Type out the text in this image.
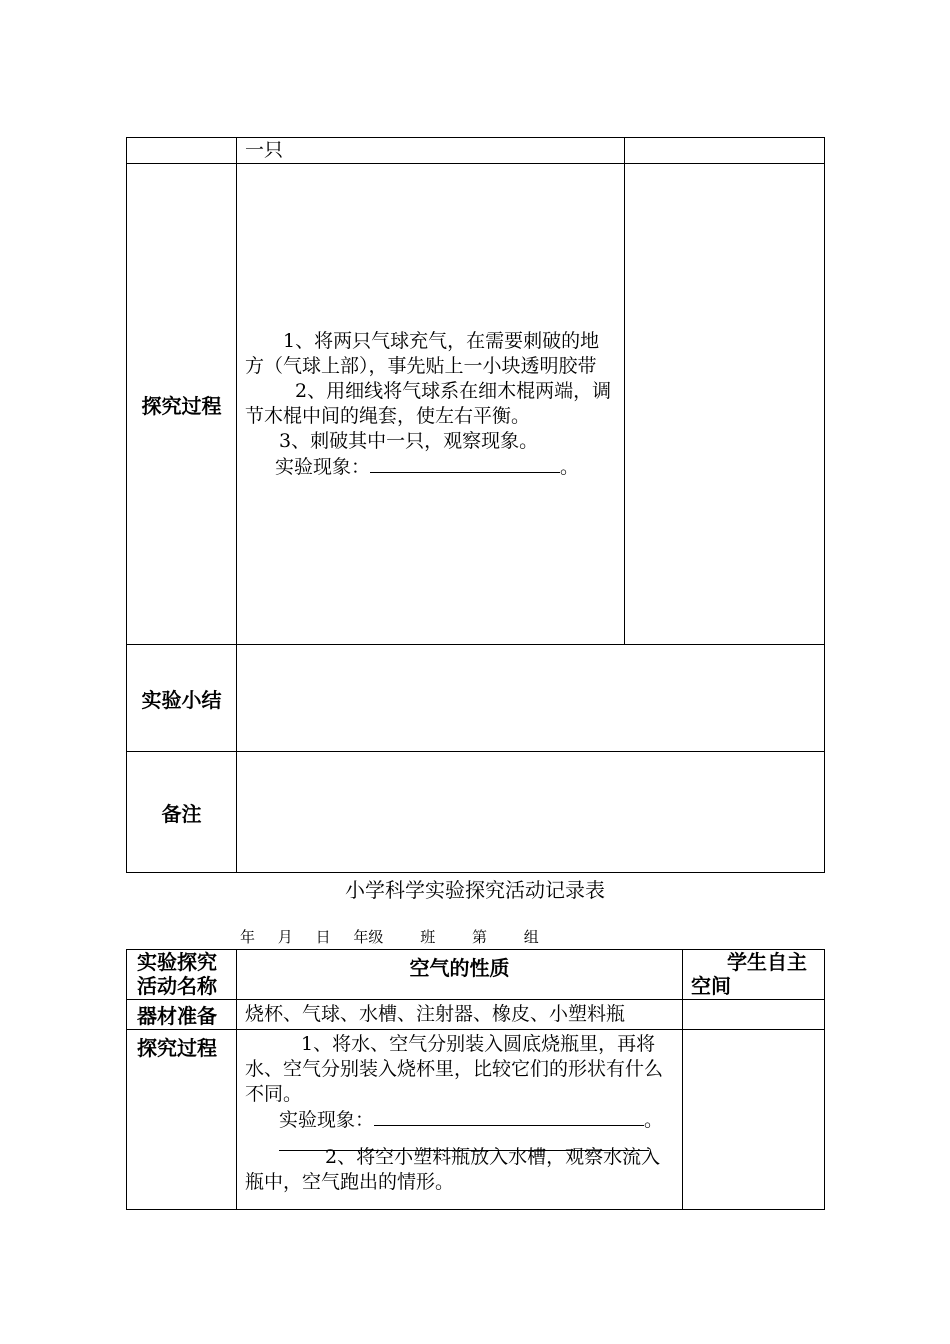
	一只	
探究过程	1、将两只气球充气，在需要刺破的地方（气球上部），事先贴上一小块透明胶带
2、用细线将气球系在细木棍两端，调节木棍中间的绳套，使左右平衡。
3、刺破其中一只，观察现象。
实验现象： 。	

实验小结		
备注		
小学科学实验探究活动记录表
年 月 日 年级 班 第 组
实验探究活动名称	空气的性质	学生自主空间
器材准备	烧杯、气球、水槽、注射器、橡皮、小塑料瓶	
探究过程	1、将水、空气分别装入圆底烧瓶里，再将水、空气分别装入烧杯里，比较它们的形状有什么不同。
实验现象： 。
2、将空小塑料瓶放入水槽，观察水流入瓶中，空气跑出的情形。	
